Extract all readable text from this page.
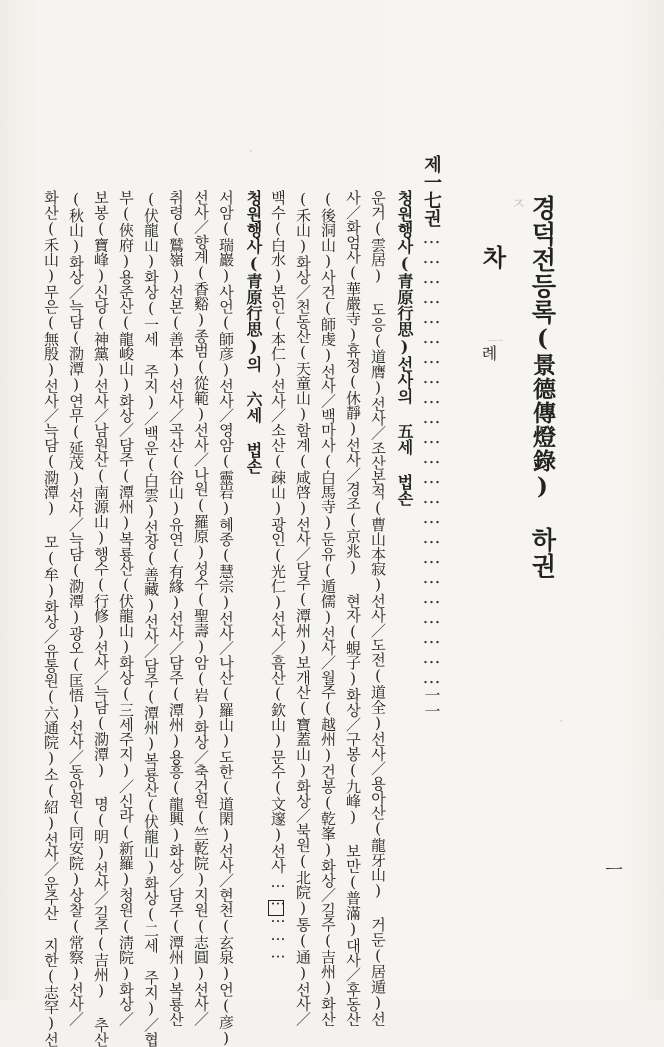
ㅈ
ㅡ
경덕전등록(景德傳燈錄)　하권
차
례
ㅡ
제一七권……………………………………………………………一一
청원행사(青原行思)선사의 五세 법손
운거(雲居) 도응(道膺)선사／조산본적(曹山本寂)선사／도전(道全)선사／용아산(龍牙山) 거둔(居遁)선
사／화엄사(華嚴寺)휴정(休靜)선사／경조(京兆) 현자(蜆子)화상／구봉(九峰) 보만(普滿)대사／후동산
(後洞山)사건(師虔)선사／백마사(白馬寺)둔유(遁儒)선사／월주(越州)건봉(乾峯)화상／길주(吉州)화산
(禾山)화상／천동산(天童山)함계(咸啓)선사／담주(潭州)보개산(寶蓋山)화상／북원(北院)통(通)선사／
백수(白水)본인(本仁)선사／소산(疎山)광인(光仁)선사／흠산(欽山)문수(文邃)선사……………
청원행사(青原行思)의 六세 법손
서암(瑞巖)사언(師彦)선사／영암(靈岩)혜종(慧宗)선사／나산(羅山)도한(道閑)선사／현천(玄泉)언(彦)
선사／향계(香谿)종범(從範)선사／나원(羅原)성수(聖壽)암(岩)화상／축건원(竺乾院)지원(志圓)선사／
취령(鷲嶺)선본(善本)선사／곡산(谷山)유연(有緣)선사／담주(潭州)용흥(龍興)화상／담주(潭州)복룡산
(伏龍山)화상(一세 주지)／백운(白雲)선장(善藏)선사／담주(潭州)복룡산(伏龍山)화상(二세 주지)／협
부(俠府)용준산(龍峻山)화상／담주(潭州)복룡산(伏龍山)화상(三세주지)／신라(新羅)청원(淸院)화상／
보봉(寶峰)신당(神黨)선사／남원산(南源山)행수(行修)선사／늑담(泐潭) 명(明)선사／길주(吉州) 추산
(秋山)화상／늑담(泐潭)연무(延茂)선사／늑담(泐潭)광오(匡悟)선사／동안원(同安院)상찰(常察)선사／
화산(禾山)무은(無殷)선사／늑담(泐潭) 모(牟)화상／유통원(六通院)소(紹)선사／운주산 지한(志罕)선
